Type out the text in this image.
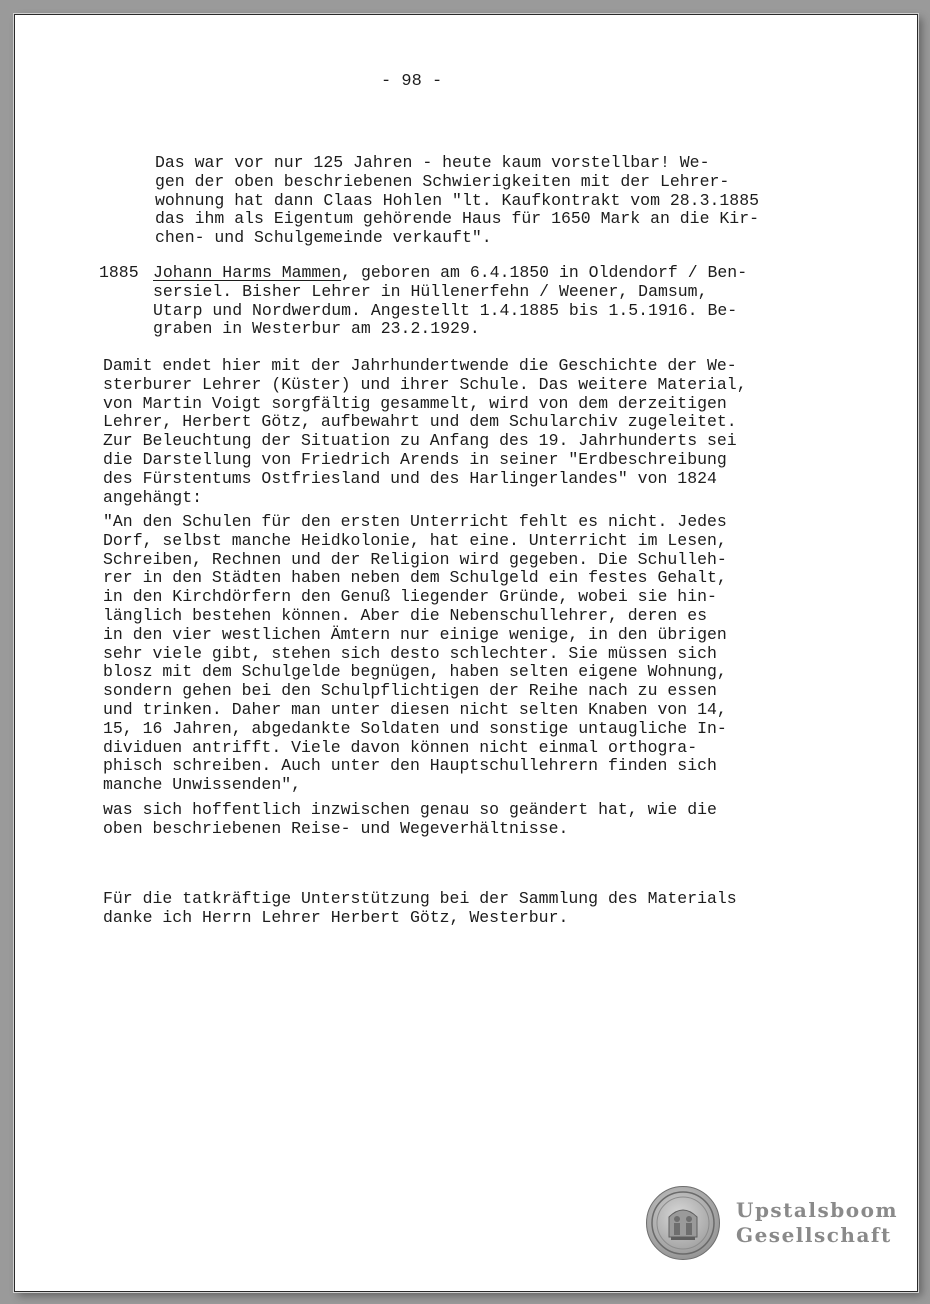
- 98 -

Das war vor nur 125 Jahren - heute kaum vorstellbar! We-
gen der oben beschriebenen Schwierigkeiten mit der Lehrer-
wohnung hat dann Claas Hohlen "lt. Kaufkontrakt vom 28.3.1885
das ihm als Eigentum gehörende Haus für 1650 Mark an die Kir-
chen- und Schulgemeinde verkauft".

1885 Johann Harms Mammen, geboren am 6.4.1850 in Oldendorf / Ben-
sersiel. Bisher Lehrer in Hüllenerfehn / Weener, Damsum,
Utarp und Nordwerdum. Angestellt 1.4.1885 bis 1.5.1916. Be-
graben in Westerbur am 23.2.1929.

Damit endet hier mit der Jahrhundertwende die Geschichte der We-
sterburer Lehrer (Küster) und ihrer Schule. Das weitere Material,
von Martin Voigt sorgfältig gesammelt, wird von dem derzeitigen
Lehrer, Herbert Götz, aufbewahrt und dem Schularchiv zugeleitet.
Zur Beleuchtung der Situation zu Anfang des 19. Jahrhunderts sei
die Darstellung von Friedrich Arends in seiner "Erdbeschreibung
des Fürstentums Ostfriesland und des Harlingerlandes" von 1824
angehängt:

"An den Schulen für den ersten Unterricht fehlt es nicht. Jedes
Dorf, selbst manche Heidkolonie, hat eine. Unterricht im Lesen,
Schreiben, Rechnen und der Religion wird gegeben. Die Schulleh-
rer in den Städten haben neben dem Schulgeld ein festes Gehalt,
in den Kirchdörfern den Genuß liegender Gründe, wobei sie hin-
länglich bestehen können. Aber die Nebenschullehrer, deren es
in den vier westlichen Ämtern nur einige wenige, in den übrigen
sehr viele gibt, stehen sich desto schlechter. Sie müssen sich
blosz mit dem Schulgelde begnügen, haben selten eigene Wohnung,
sondern gehen bei den Schulpflichtigen der Reihe nach zu essen
und trinken. Daher man unter diesen nicht selten Knaben von 14,
15, 16 Jahren, abgedankte Soldaten und sonstige untaugliche In-
dividuen antrifft. Viele davon können nicht einmal orthogra-
phisch schreiben. Auch unter den Hauptschullehrern finden sich
manche Unwissenden",

was sich hoffentlich inzwischen genau so geändert hat, wie die
oben beschriebenen Reise- und Wegeverhältnisse.

Für die tatkräftige Unterstützung bei der Sammlung des Materials
danke ich Herrn Lehrer Herbert Götz, Westerbur.

Upstalsboom
Gesellschaft
